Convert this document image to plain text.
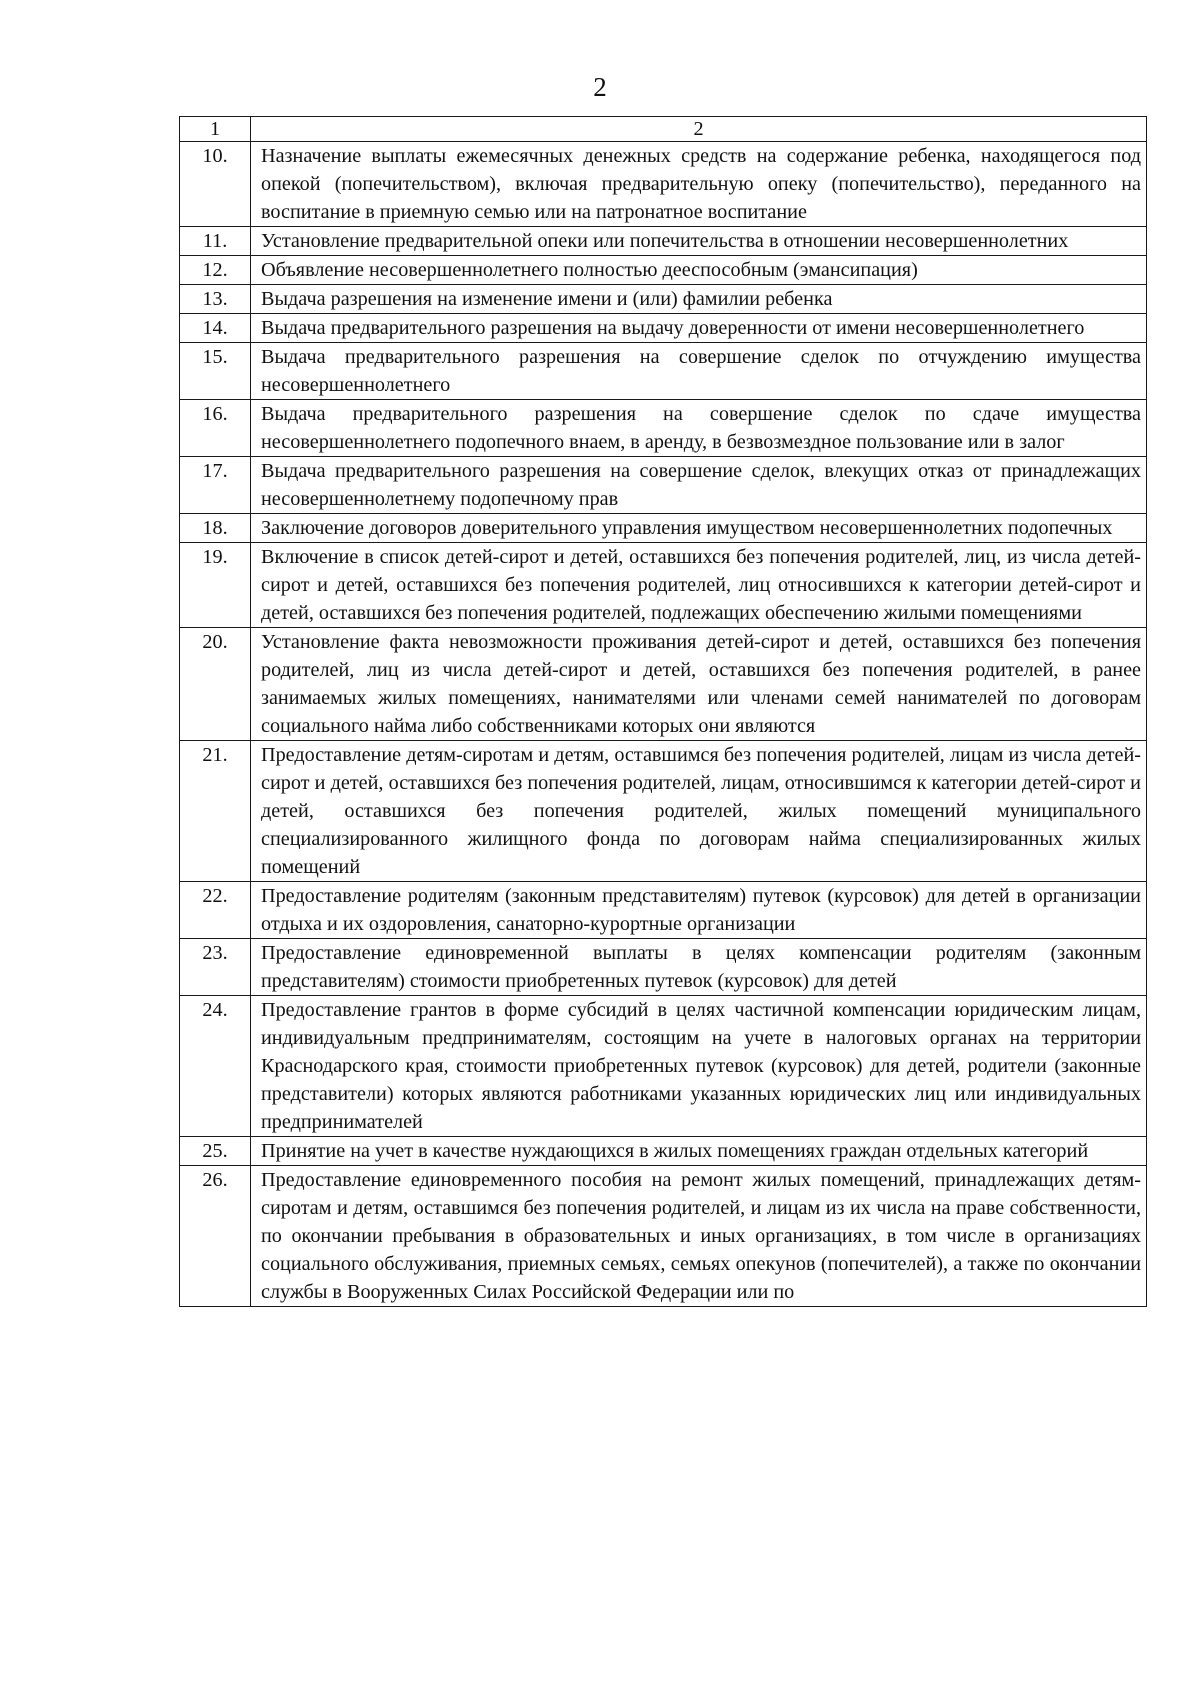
2
1	2
10.	Назначение выплаты ежемесячных денежных средств на содержание ребенка, находящегося под опекой (попечительством), включая предварительную опеку (попечительство), переданного на воспитание в приемную семью или на патронатное воспитание
11.	Установление предварительной опеки или попечительства в отношении несовершеннолетних
12.	Объявление несовершеннолетнего полностью дееспособным (эмансипация)
13.	Выдача разрешения на изменение имени и (или) фамилии ребенка
14.	Выдача предварительного разрешения на выдачу доверенности от имени несовершеннолетнего
15.	Выдача предварительного разрешения на совершение сделок по отчуждению имущества несовершеннолетнего
16.	Выдача предварительного разрешения на совершение сделок по сдаче имущества несовершеннолетнего подопечного внаем, в аренду, в безвозмездное пользование или в залог
17.	Выдача предварительного разрешения на совершение сделок, влекущих отказ от принадлежащих несовершеннолетнему подопечному прав
18.	Заключение договоров доверительного управления имуществом несовершеннолетних подопечных
19.	Включение в список детей-сирот и детей, оставшихся без попечения родителей, лиц, из числа детей-сирот и детей, оставшихся без попечения родителей, лиц относившихся к категории детей-сирот и детей, оставшихся без попечения родителей, подлежащих обеспечению жилыми помещениями
20.	Установление факта невозможности проживания детей-сирот и детей, оставшихся без попечения родителей, лиц из числа детей-сирот и детей, оставшихся без попечения родителей, в ранее занимаемых жилых помещениях, нанимателями или членами семей нанимателей по договорам социального найма либо собственниками которых они являются
21.	Предоставление детям-сиротам и детям, оставшимся без попечения родителей, лицам из числа детей-сирот и детей, оставшихся без попечения родителей, лицам, относившимся к категории детей-сирот и детей, оставшихся без попечения родителей, жилых помещений муниципального специализированного жилищного фонда по договорам найма специализированных жилых помещений
22.	Предоставление родителям (законным представителям) путевок (курсовок) для детей в организации отдыха и их оздоровления, санаторно-курортные организации
23.	Предоставление единовременной выплаты в целях компенсации родителям (законным представителям) стоимости приобретенных путевок (курсовок) для детей
24.	Предоставление грантов в форме субсидий в целях частичной компенсации юридическим лицам, индивидуальным предпринимателям, состоящим на учете в налоговых органах на территории Краснодарского края, стоимости приобретенных путевок (курсовок) для детей, родители (законные представители) которых являются работниками указанных юридических лиц или индивидуальных предпринимателей
25.	Принятие на учет в качестве нуждающихся в жилых помещениях граждан отдельных категорий
26.	Предоставление единовременного пособия на ремонт жилых помещений, принадлежащих детям-сиротам и детям, оставшимся без попечения родителей, и лицам из их числа на праве собственности, по окончании пребывания в образовательных и иных организациях, в том числе в организациях социального обслуживания, приемных семьях, семьях опекунов (попечителей), а также по окончании службы в Вооруженных Силах Российской Федерации или по
